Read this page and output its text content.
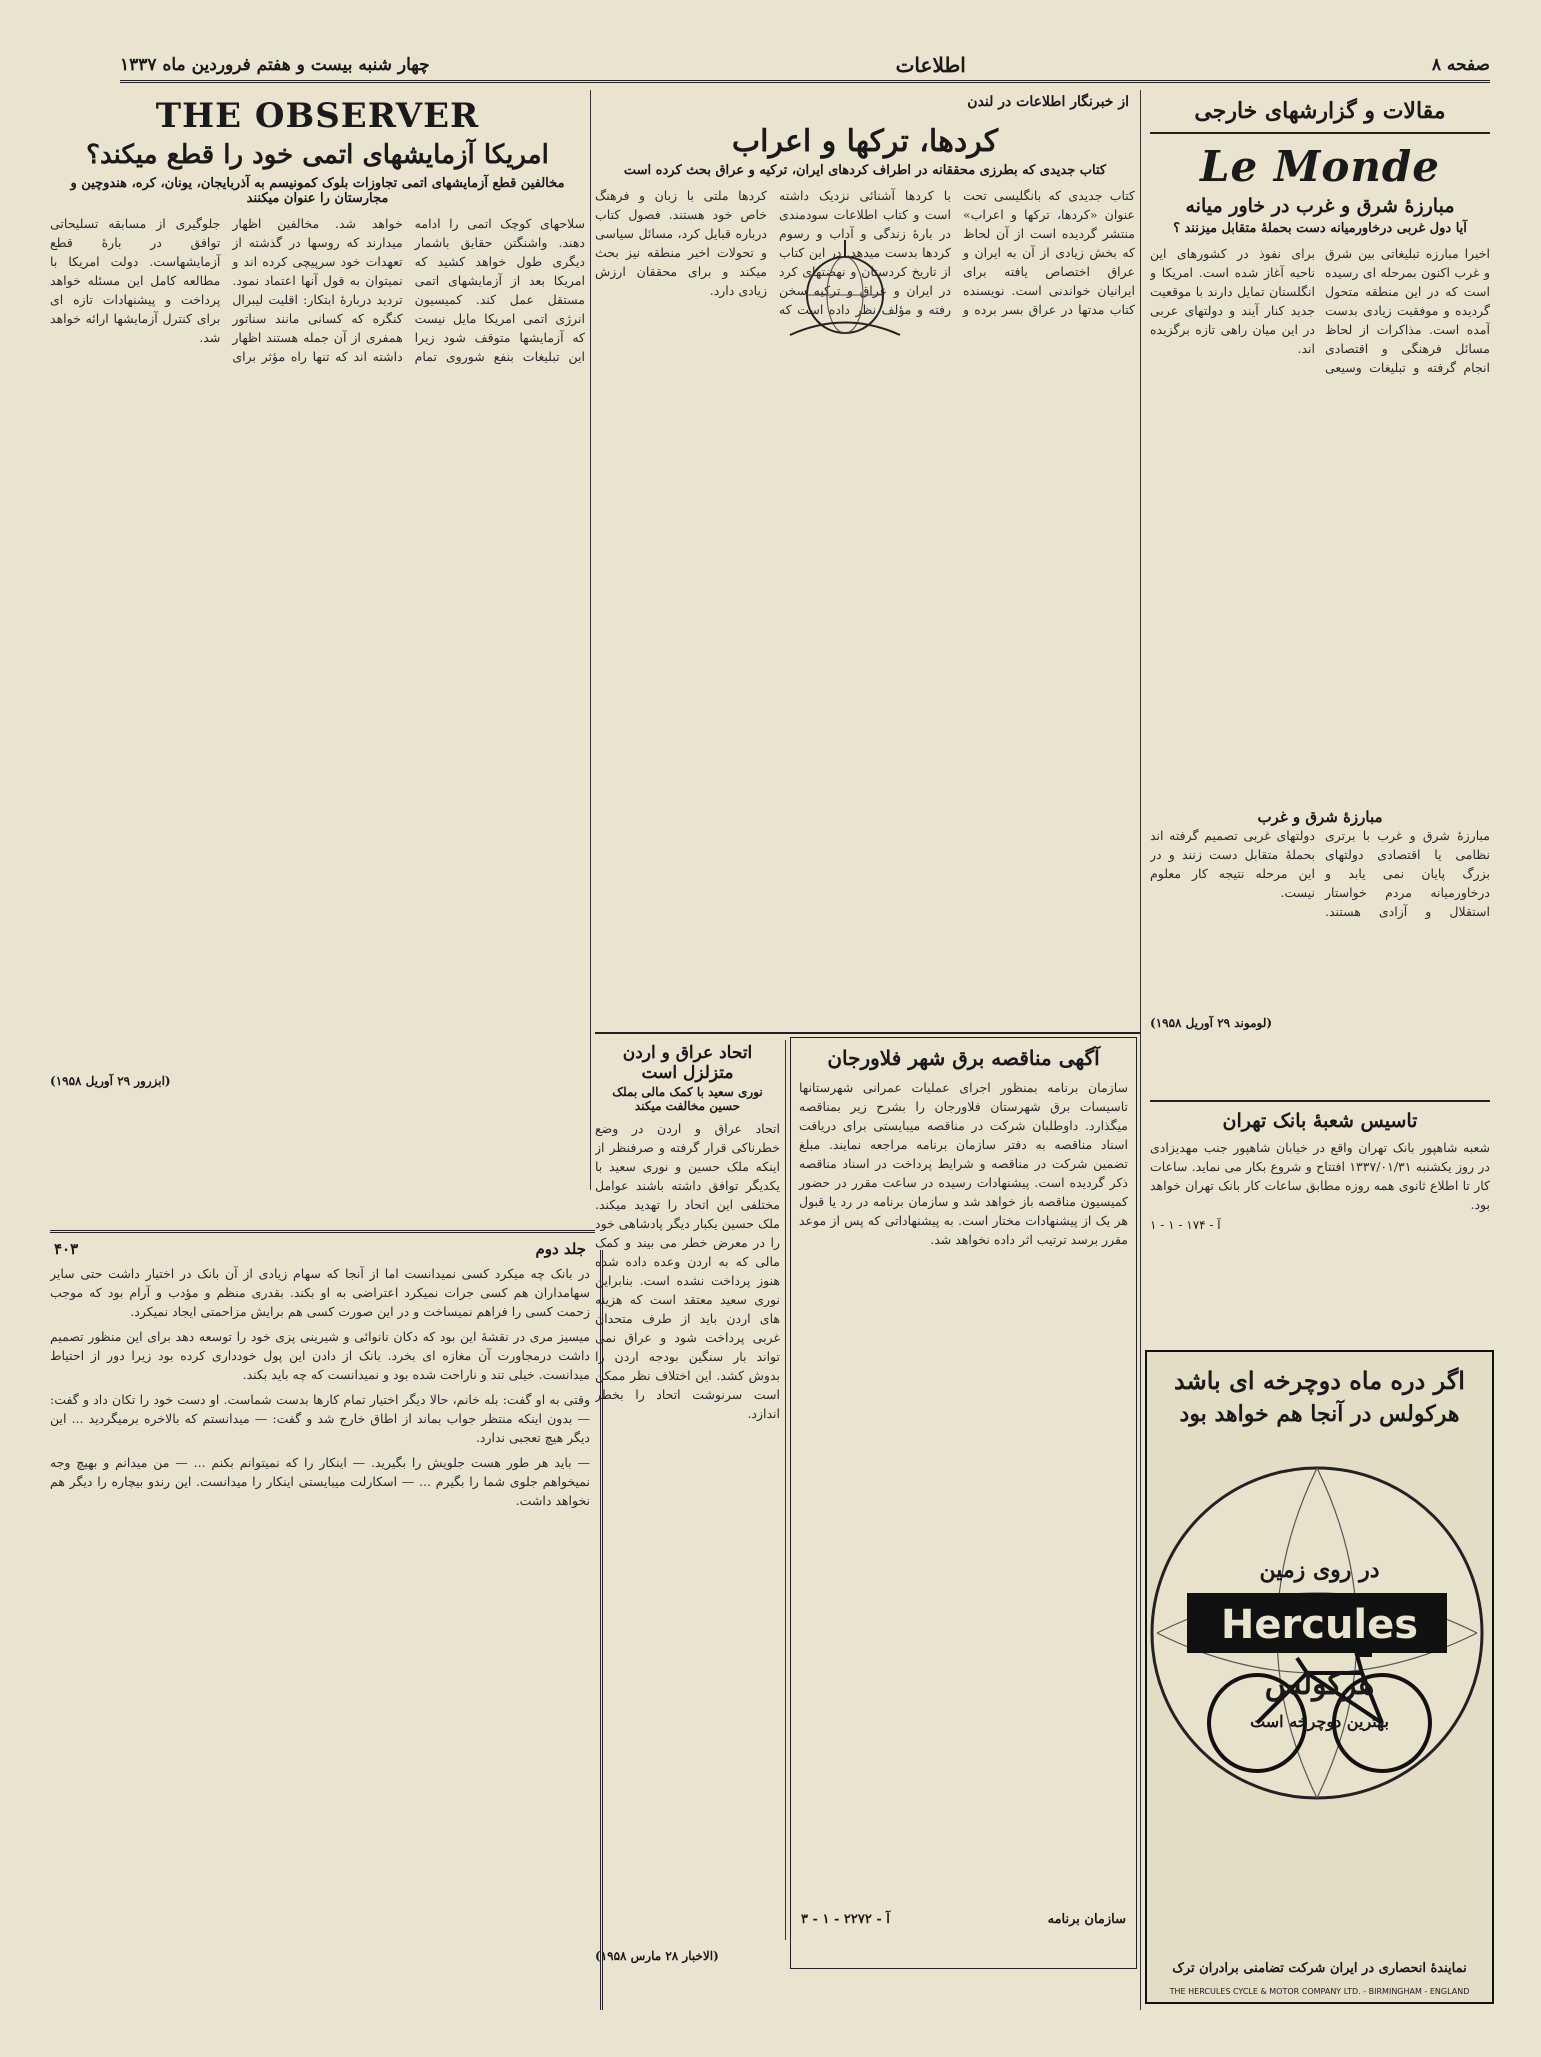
صفحه ۸
اطلاعات
چهار شنبه بیست و هفتم فروردین ماه ۱۳۳۷
مقالات و گزارشهای خارجی
Le Monde
مبارزهٔ شرق و غرب در خاور میانه
آیا دول غربی درخاورمیانه دست بحملهٔ متقابل میزنند ؟
اخیرا مبارزه تبلیغاتی بین شرق و غرب اکنون بمرحله ای رسیده است که در این منطقه متحول گردیده و موفقیت زیادی بدست آمده است. مذاکرات از لحاظ مسائل فرهنگی و اقتصادی انجام گرفته و تبلیغات وسیعی برای نفوذ در کشورهای این ناحیه آغاز شده است. امریکا و انگلستان تمایل دارند با موقعیت جدید کنار آیند و دولتهای عربی در این میان راهی تازه برگزیده اند.
مبارزهٔ شرق و غرب
مبارزهٔ شرق و غرب با برتری نظامی یا اقتصادی دولتهای بزرگ پایان نمی یابد و درخاورمیانه مردم خواستار استقلال و آزادی هستند. دولتهای غربی تصمیم گرفته اند بحملهٔ متقابل دست زنند و در این مرحله نتیجه کار معلوم نیست.
(لوموند ۲۹ آوریل ۱۹۵۸)
تاسیس شعبهٔ بانک تهران
شعبه شاهپور بانک تهران واقع در خیابان شاهپور جنب مهدیزادی در روز یکشنبه ۱۳۳۷/۰۱/۳۱ افتتاح و شروع بکار می نماید. ساعات کار تا اطلاع ثانوی همه روزه مطابق ساعات کار بانک تهران خواهد بود.
آ - ۱۷۴ - ۱ - ۱
اگر دره ماه دوچرخه ای باشد
هرکولس در آنجا هم خواهد بود
Hercules
در روی زمین
هرکولس
بهترین دوچرخه است
نمایندهٔ انحصاری در ایران شرکت تضامنی برادران ترک
THE HERCULES CYCLE & MOTOR COMPANY LTD. - BIRMINGHAM - ENGLAND
از خبرنگار اطلاعات در لندن
کردها، ترکها و اعراب
کتاب جدیدی که بطرزی محققانه در اطراف کردهای ایران، ترکیه و عراق بحث کرده است
کتاب جدیدی که بانگلیسی تحت عنوان «کردها، ترکها و اعراب» منتشر گردیده است از آن لحاظ که بخش زیادی از آن به ایران و عراق اختصاص یافته برای ایرانیان خواندنی است. نویسنده کتاب مدتها در عراق بسر برده و با کردها آشنائی نزدیک داشته است و کتاب اطلاعات سودمندی در بارهٔ زندگی و آداب و رسوم کردها بدست میدهد. در این کتاب از تاریخ کردستان و نهضتهای کرد در ایران و عراق و ترکیه سخن رفته و مؤلف نظر داده است که کردها ملتی با زبان و فرهنگ خاص خود هستند. فصول کتاب درباره قبایل کرد، مسائل سیاسی و تحولات اخیر منطقه نیز بحث میکند و برای محققان ارزش زیادی دارد.
اتحاد عراق و اردن متزلزل است
نوری سعید با کمک مالی بملک حسین مخالفت میکند
اتحاد عراق و اردن در وضع خطرناکی قرار گرفته و صرفنظر از اینکه ملک حسین و نوری سعید با یکدیگر توافق داشته باشند عوامل مختلفی این اتحاد را تهدید میکند. ملک حسین یکبار دیگر پادشاهی خود را در معرض خطر می بیند و کمک مالی که به اردن وعده داده شده هنوز پرداخت نشده است. بنابراین نوری سعید معتقد است که هزینه های اردن باید از طرف متحدان غربی پرداخت شود و عراق نمی تواند بار سنگین بودجه اردن را بدوش کشد. این اختلاف نظر ممکن است سرنوشت اتحاد را بخطر اندازد.
(الاخبار ۲۸ مارس ۱۹۵۸)
آگهی مناقصه برق شهر فلاورجان
سازمان برنامه بمنظور اجرای عملیات عمرانی شهرستانها تاسیسات برق شهرستان فلاورجان را بشرح زیر بمناقصه میگذارد. داوطلبان شرکت در مناقصه میبایستی برای دریافت اسناد مناقصه به دفتر سازمان برنامه مراجعه نمایند. مبلغ تضمین شرکت در مناقصه و شرایط پرداخت در اسناد مناقصه ذکر گردیده است. پیشنهادات رسیده در ساعت مقرر در حضور کمیسیون مناقصه باز خواهد شد و سازمان برنامه در رد یا قبول هر یک از پیشنهادات مختار است. به پیشنهاداتی که پس از موعد مقرر برسد ترتیب اثر داده نخواهد شد.
سازمان برنامه
آ - ۲۲۷۲ - ۱ - ۳
THE OBSERVER
امریکا آزمایشهای اتمی خود را قطع میکند؟
مخالفین قطع آزمایشهای اتمی تجاوزات بلوک کمونیسم به آذربایجان، یونان، کره، هندوچین و مجارستان را عنوان میکنند
سلاحهای کوچک اتمی را ادامه دهند. واشنگتن حقایق باشمار دیگری طول خواهد کشید که امریکا بعد از آزمایشهای اتمی مستقل عمل کند. کمیسیون انرژی اتمی امریکا مایل نیست که آزمایشها متوقف شود زیرا این تبلیغات بنفع شوروی تمام خواهد شد. مخالفین اظهار میدارند که روسها در گذشته از تعهدات خود سرپیچی کرده اند و نمیتوان به قول آنها اعتماد نمود. تردید دربارهٔ ابتکار: اقلیت لیبرال کنگره که کسانی مانند سناتور همفری از آن جمله هستند اظهار داشته اند که تنها راه مؤثر برای جلوگیری از مسابقه تسلیحاتی توافق در بارهٔ قطع آزمایشهاست. دولت امریکا با مطالعه کامل این مسئله خواهد پرداخت و پیشنهادات تازه ای برای کنترل آزمایشها ارائه خواهد شد.
(ابزرور ۲۹ آوریل ۱۹۵۸)
جلد دوم
۴۰۳

در بانک چه میکرد کسی نمیدانست اما از آنجا که سهام زیادی از آن بانک در اختیار داشت حتی سایر سهامداران هم کسی جرات نمیکرد اعتراضی به او بکند. بقدری منظم و مؤدب و آرام بود که موجب زحمت کسی را فراهم نمیساخت و در این صورت کسی هم برایش مزاحمتی ایجاد نمیکرد.

میسیز مری در نقشهٔ این بود که دکان نانوائی و شیرینی پزی خود را توسعه دهد برای این منظور تصمیم داشت درمجاورت آن مغازه ای بخرد. بانک از دادن این پول خودداری کرده بود زیرا دور از احتیاط میدانست. خیلی تند و ناراحت شده بود و نمیدانست که چه باید بکند.

وقتی به او گفت: بله خانم، حالا دیگر اختیار تمام کارها بدست شماست. او دست خود را تکان داد و گفت: — بدون اینکه منتظر جواب بماند از اطاق خارج شد و گفت: — میدانستم که بالاخره برمیگردید ... این دیگر هیچ تعجبی ندارد.

— باید هر طور هست جلویش را بگیرید. — اینکار را که نمیتوانم بکنم ... — من میدانم و بهیچ وجه نمیخواهم جلوی شما را بگیرم ... — اسکارلت میبایستی اینکار را میدانست. این رندو بیچاره را دیگر هم نخواهد داشت.
